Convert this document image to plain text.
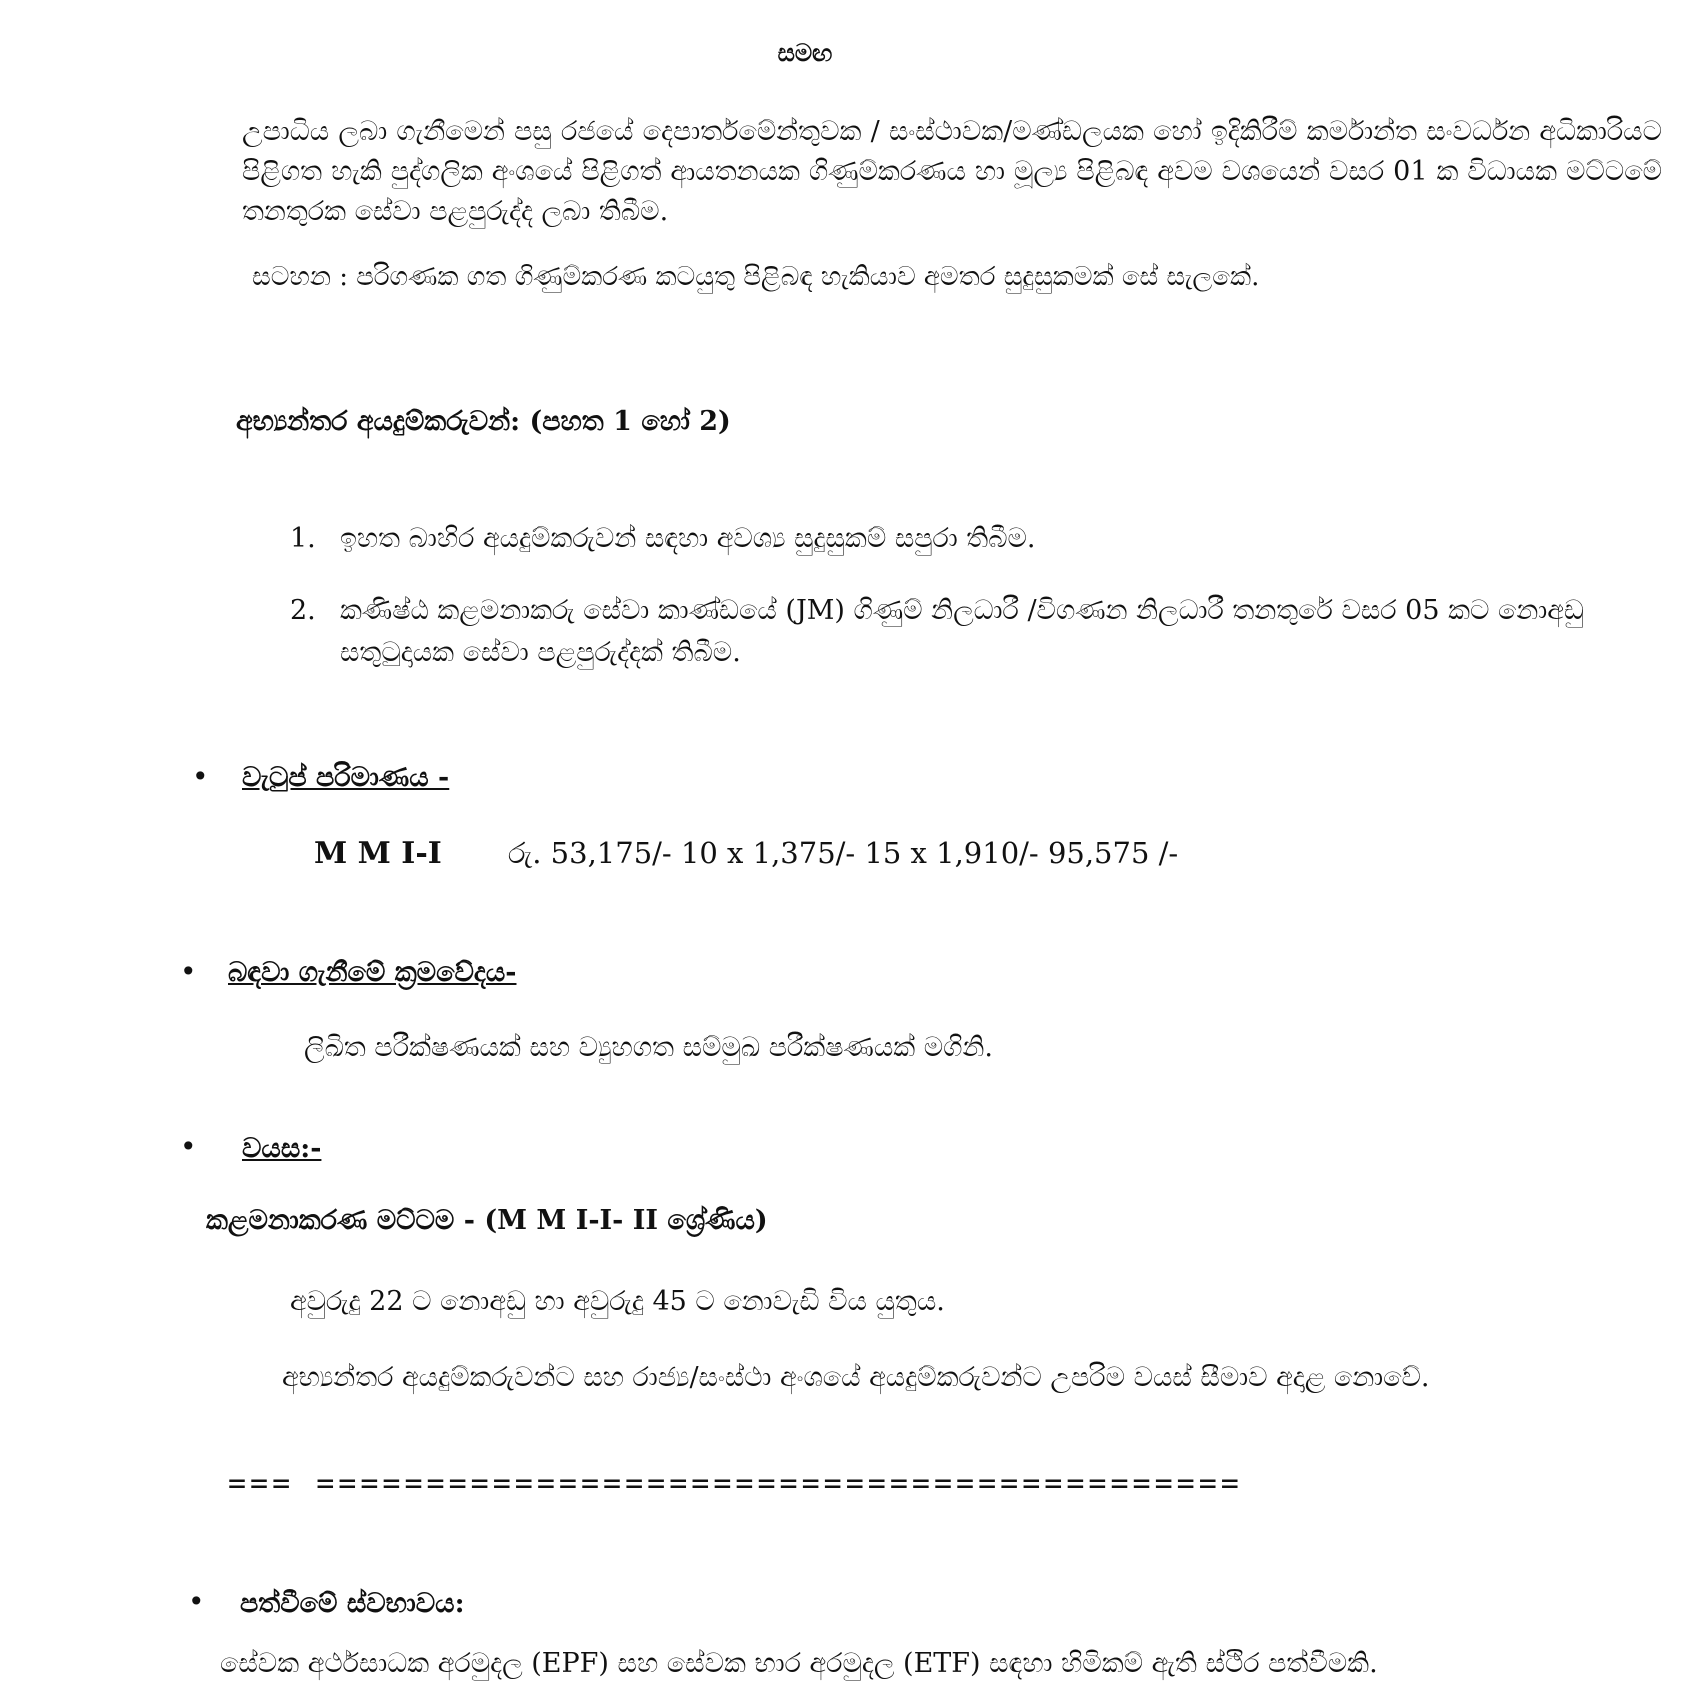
සමඟ
උපාධිය ලබා ගැනීමෙන් පසු රජයේ දෙපාර්තමේන්තුවක / සංස්ථාවක/මණ්ඩලයක හෝ ඉදිකිරීම් කර්මාන්ත සංවර්ධන අධිකාරියට පිළිගත හැකි පුද්ගලික අංශයේ පිළිගත් ආයතනයක ගිණුම්කරණය හා මූල්‍ය පිළිබඳ අවම වශයෙන් වසර 01 ක විධායක මට්ටමේ තනතුරක සේවා පළපුරුද්ද ලබා තිබීම.
සටහන : පරිගණක ගත ගිණුම්කරණ කටයුතු පිළිබඳ හැකියාව අමතර සුදුසුකමක් සේ සැලකේ.
අභ්‍යන්තර අයදුම්කරුවන්: (පහත 1 හෝ 2)
1. ඉහත බාහිර අයදුම්කරුවන් සඳහා අවශ්‍ය සුදුසුකම් සපුරා තිබීම.
2. කණිෂ්ඨ කළමනාකරු සේවා කාණ්ඩයේ (JM) ගිණුම් නිලධාරී /විගණන නිලධාරී තනතුරේ වසර 05 කට නොඅඩු සතුටුදායක සේවා පළපුරුද්දක් තිබීම.
• වැටුප් පරිමාණය -
M M I-I රු. 53,175/- 10 x 1,375/- 15 x 1,910/- 95,575 /-
• බඳවා ගැනීමේ ක්‍රමවේදය-
ලිඛිත පරීක්ෂණයක් සහ ව්‍යුහගත සම්මුඛ පරීක්ෂණයක් මගිනි.
• වයස:-
කළමනාකරණ මට්ටම - (M M I-I- II ශ්‍රේණිය)
අවුරුදු 22 ට නොඅඩු හා අවුරුදු 45 ට නොවැඩි විය යුතුය.
අභ්‍යන්තර අයදුම්කරුවන්ට සහ රාජ්‍ය/සංස්ථා අංශයේ අයදුම්කරුවන්ට උපරිම වයස් සීමාව අදාළ නොවේ.
=== ==========================================
• පත්වීමේ ස්වභාවය:
සේවක අර්ථසාධක අරමුදල (EPF) සහ සේවක භාර අරමුදල (ETF) සඳහා හිමිකම් ඇති ස්ථිර පත්වීමකි.
